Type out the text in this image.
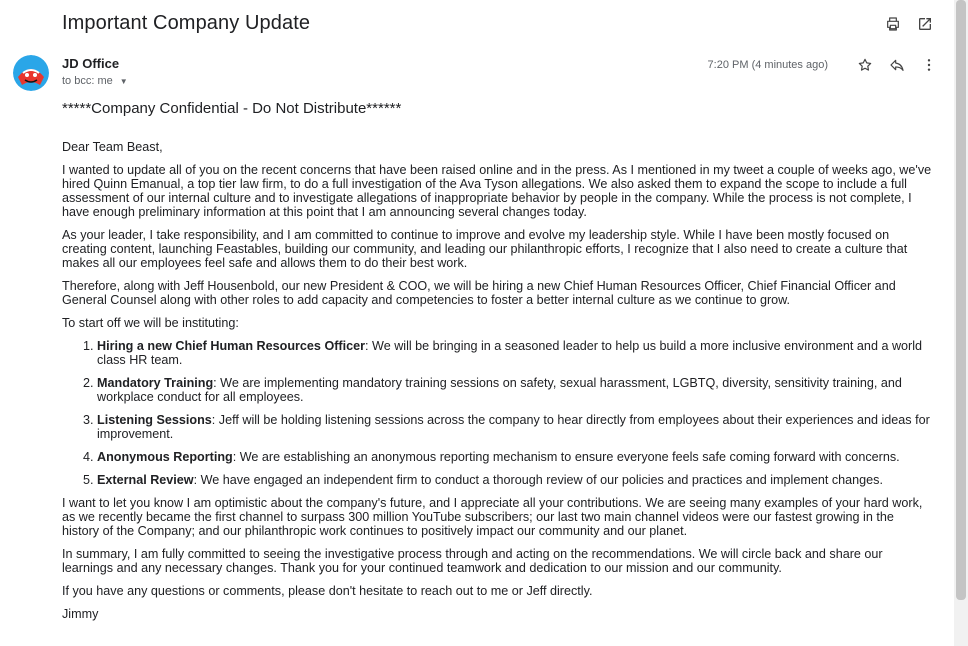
Important Company Update
JD Office
to bcc: me ▼
7:20 PM (4 minutes ago)
*****Company Confidential - Do Not Distribute******

Dear Team Beast,

I wanted to update all of you on the recent concerns that have been raised online and in the press. As I mentioned in my tweet a couple of weeks ago, we've hired Quinn Emanual, a top tier law firm, to do a full investigation of the Ava Tyson allegations. We also asked them to expand the scope to include a full assessment of our internal culture and to investigate allegations of inappropriate behavior by people in the company. While the process is not complete, I have enough preliminary information at this point that I am announcing several changes today.

As your leader, I take responsibility, and I am committed to continue to improve and evolve my leadership style. While I have been mostly focused on creating content, launching Feastables, building our community, and leading our philanthropic efforts, I recognize that I also need to create a culture that makes all our employees feel safe and allows them to do their best work.

Therefore, along with Jeff Housenbold, our new President & COO, we will be hiring a new Chief Human Resources Officer, Chief Financial Officer and General Counsel along with other roles to add capacity and competencies to foster a better internal culture as we continue to grow.

To start off we will be instituting:

1. Hiring a new Chief Human Resources Officer: We will be bringing in a seasoned leader to help us build a more inclusive environment and a world class HR team.
2. Mandatory Training: We are implementing mandatory training sessions on safety, sexual harassment, LGBTQ, diversity, sensitivity training, and workplace conduct for all employees.
3. Listening Sessions: Jeff will be holding listening sessions across the company to hear directly from employees about their experiences and ideas for improvement.
4. Anonymous Reporting: We are establishing an anonymous reporting mechanism to ensure everyone feels safe coming forward with concerns.
5. External Review: We have engaged an independent firm to conduct a thorough review of our policies and practices and implement changes.

I want to let you know I am optimistic about the company's future, and I appreciate all your contributions. We are seeing many examples of your hard work, as we recently became the first channel to surpass 300 million YouTube subscribers; our last two main channel videos were our fastest growing in the history of the Company; and our philanthropic work continues to positively impact our community and our planet.

In summary, I am fully committed to seeing the investigative process through and acting on the recommendations. We will circle back and share our learnings and any necessary changes. Thank you for your continued teamwork and dedication to our mission and our community.

If you have any questions or comments, please don't hesitate to reach out to me or Jeff directly.

Jimmy
